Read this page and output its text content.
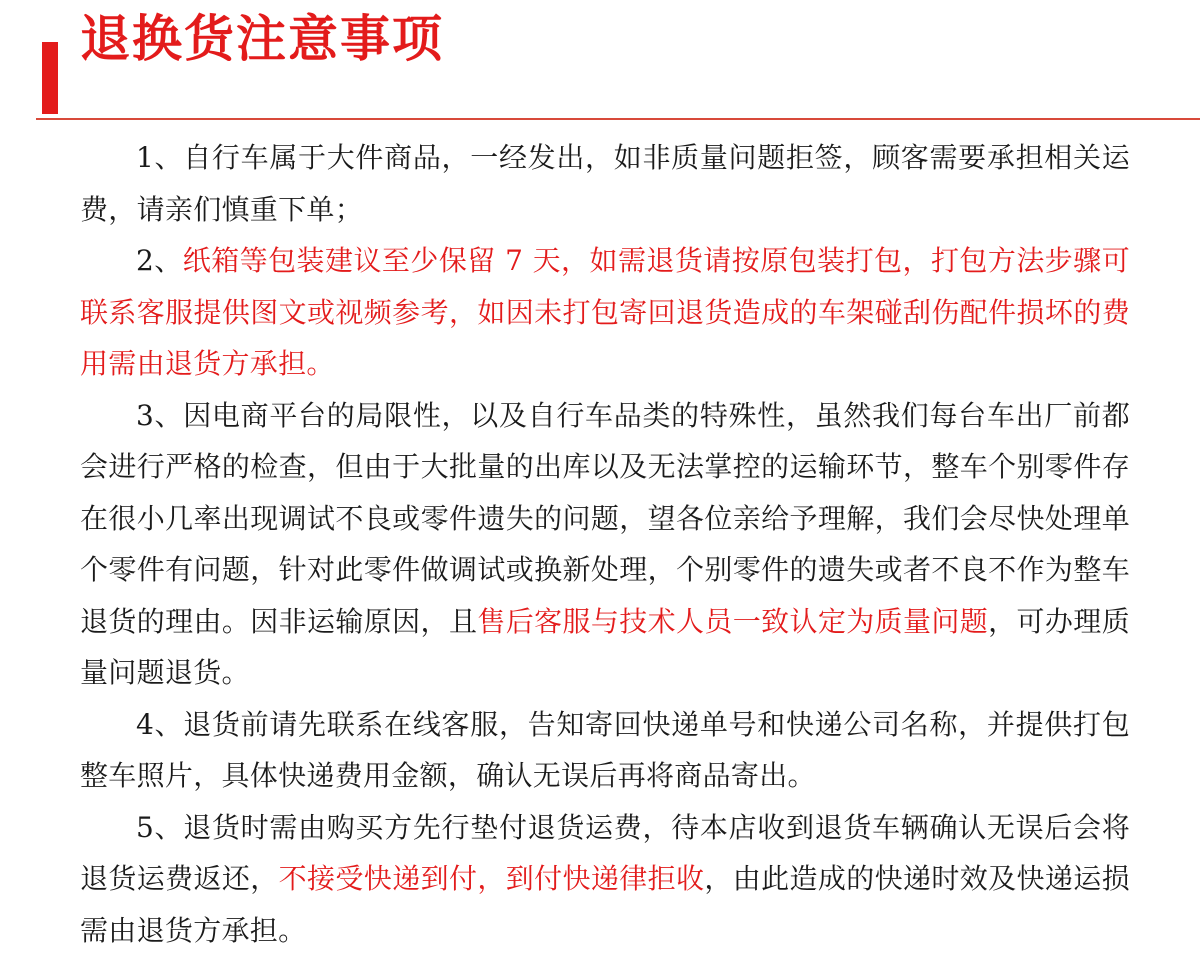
退换货注意事项

1、自行车属于大件商品，一经发出，如非质量问题拒签，顾客需要承担相关运费，请亲们慎重下单；

2、纸箱等包装建议至少保留 7 天，如需退货请按原包装打包，打包方法步骤可联系客服提供图文或视频参考，如因未打包寄回退货造成的车架碰刮伤配件损坏的费用需由退货方承担。

3、因电商平台的局限性，以及自行车品类的特殊性，虽然我们每台车出厂前都会进行严格的检查，但由于大批量的出库以及无法掌控的运输环节，整车个别零件存在很小几率出现调试不良或零件遗失的问题，望各位亲给予理解，我们会尽快处理单个零件有问题，针对此零件做调试或换新处理，个别零件的遗失或者不良不作为整车退货的理由。因非运输原因，且售后客服与技术人员一致认定为质量问题，可办理质量问题退货。

4、退货前请先联系在线客服，告知寄回快递单号和快递公司名称，并提供打包整车照片，具体快递费用金额，确认无误后再将商品寄出。

5、退货时需由购买方先行垫付退货运费，待本店收到退货车辆确认无误后会将退货运费返还，不接受快递到付，到付快递律拒收，由此造成的快递时效及快递运损需由退货方承担。
